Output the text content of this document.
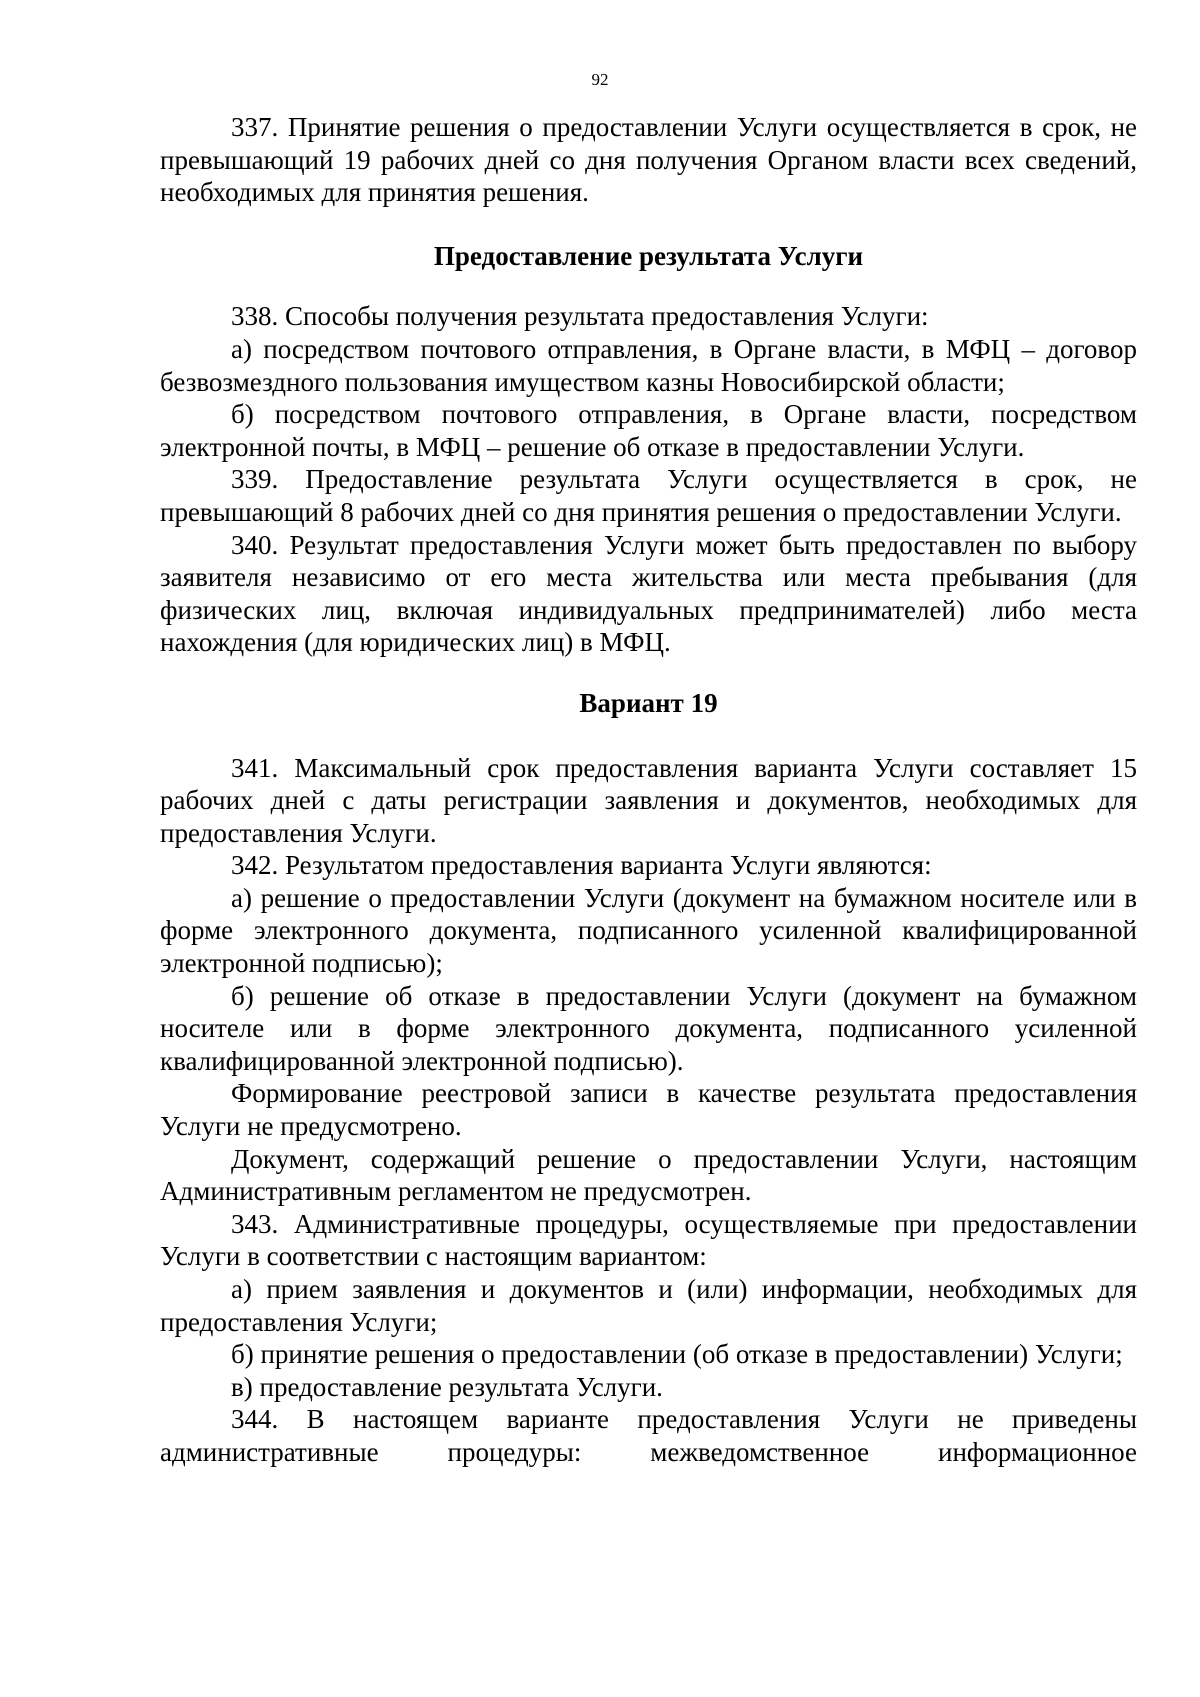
92

337. Принятие решения о предоставлении Услуги осуществляется в срок, не превышающий 19 рабочих дней со дня получения Органом власти всех сведений, необходимых для принятия решения.

Предоставление результата Услуги

338. Способы получения результата предоставления Услуги:

а) посредством почтового отправления, в Органе власти, в МФЦ – договор безвозмездного пользования имуществом казны Новосибирской области;

б) посредством почтового отправления, в Органе власти, посредством электронной почты, в МФЦ – решение об отказе в предоставлении Услуги.

339. Предоставление результата Услуги осуществляется в срок, не превышающий 8 рабочих дней со дня принятия решения о предоставлении Услуги.

340. Результат предоставления Услуги может быть предоставлен по выбору заявителя независимо от его места жительства или места пребывания (для физических лиц, включая индивидуальных предпринимателей) либо места нахождения (для юридических лиц) в МФЦ.

Вариант 19

341. Максимальный срок предоставления варианта Услуги составляет 15 рабочих дней с даты регистрации заявления и документов, необходимых для предоставления Услуги.

342. Результатом предоставления варианта Услуги являются:

а) решение о предоставлении Услуги (документ на бумажном носителе или в форме электронного документа, подписанного усиленной квалифицированной электронной подписью);

б) решение об отказе в предоставлении Услуги (документ на бумажном носителе или в форме электронного документа, подписанного усиленной квалифицированной электронной подписью).

Формирование реестровой записи в качестве результата предоставления Услуги не предусмотрено.

Документ, содержащий решение о предоставлении Услуги, настоящим Административным регламентом не предусмотрен.

343. Административные процедуры, осуществляемые при предоставлении Услуги в соответствии с настоящим вариантом:

а) прием заявления и документов и (или) информации, необходимых для предоставления Услуги;

б) принятие решения о предоставлении (об отказе в предоставлении) Услуги;

в) предоставление результата Услуги.

344. В настоящем варианте предоставления Услуги не приведены административные процедуры: межведомственное информационное
